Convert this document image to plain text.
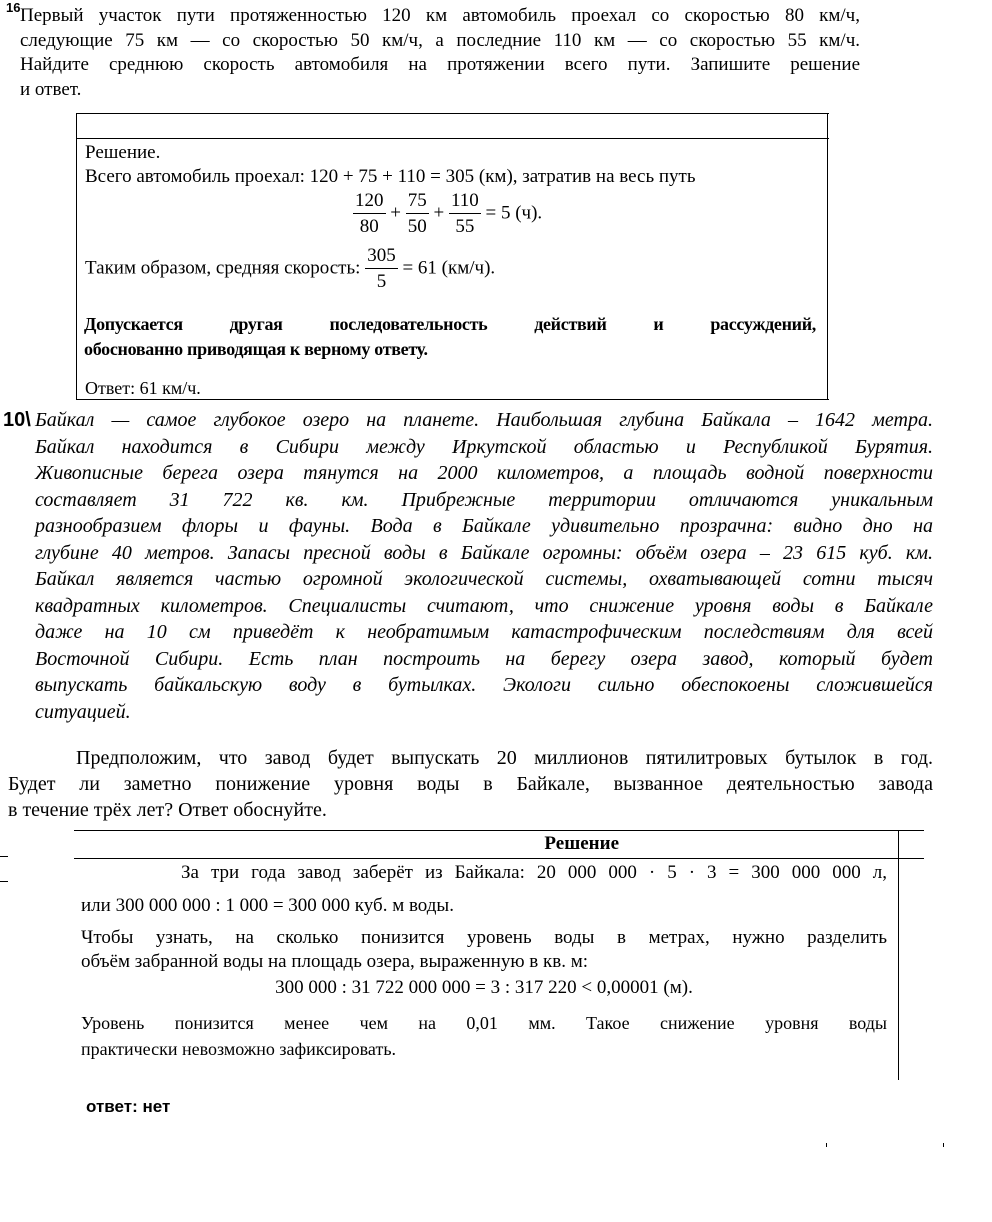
16 Первый участок пути протяженностью 120 км автомобиль проехал со скоростью 80 км/ч,
следующие 75 км — со скоростью 50 км/ч, а последние 110 км — со скоростью 55 км/ч.
Найдите среднюю скорость автомобиля на протяжении всего пути. Запишите решение
и ответ.
Решение.
Всего автомобиль проехал: 120 + 75 + 110 = 305 (км), затратив на весь путь
$\frac{120}{80} + \frac{75}{50} + \frac{110}{55} = 5$ (ч).
Таким образом, средняя скорость: $\frac{305}{5} = 61$ (км/ч).
Допускается другая последовательность действий и рассуждений,
обоснованно приводящая к верному ответу.
Ответ: 61 км/ч.
10\ Байкал — самое глубокое озеро на планете. Наибольшая глубина Байкала – 1642 метра.
Байкал находится в Сибири между Иркутской областью и Республикой Бурятия.
Живописные берега озера тянутся на 2000 километров, а площадь водной поверхности
составляет 31 722 кв. км. Прибрежные территории отличаются уникальным
разнообразием флоры и фауны. Вода в Байкале удивительно прозрачна: видно дно на
глубине 40 метров. Запасы пресной воды в Байкале огромны: объём озера – 23 615 куб. км.
Байкал является частью огромной экологической системы, охватывающей сотни тысяч
квадратных километров. Специалисты считают, что снижение уровня воды в Байкале
даже на 10 см приведёт к необратимым катастрофическим последствиям для всей
Восточной Сибири. Есть план построить на берегу озера завод, который будет
выпускать байкальскую воду в бутылках. Экологи сильно обеспокоены сложившейся
ситуацией.
Предположим, что завод будет выпускать 20 миллионов пятилитровых бутылок в год.
Будет ли заметно понижение уровня воды в Байкале, вызванное деятельностью завода
в течение трёх лет? Ответ обоснуйте.
Решение
За три года завод заберёт из Байкала: 20 000 000 · 5 · 3 = 300 000 000 л,
или 300 000 000 : 1 000 = 300 000 куб. м воды.
Чтобы узнать, на сколько понизится уровень воды в метрах, нужно разделить
объём забранной воды на площадь озера, выраженную в кв. м:
300 000 : 31 722 000 000 = 3 : 317 220 < 0,00001 (м).
Уровень понизится менее чем на 0,01 мм. Такое снижение уровня воды
практически невозможно зафиксировать.
ответ: нет
